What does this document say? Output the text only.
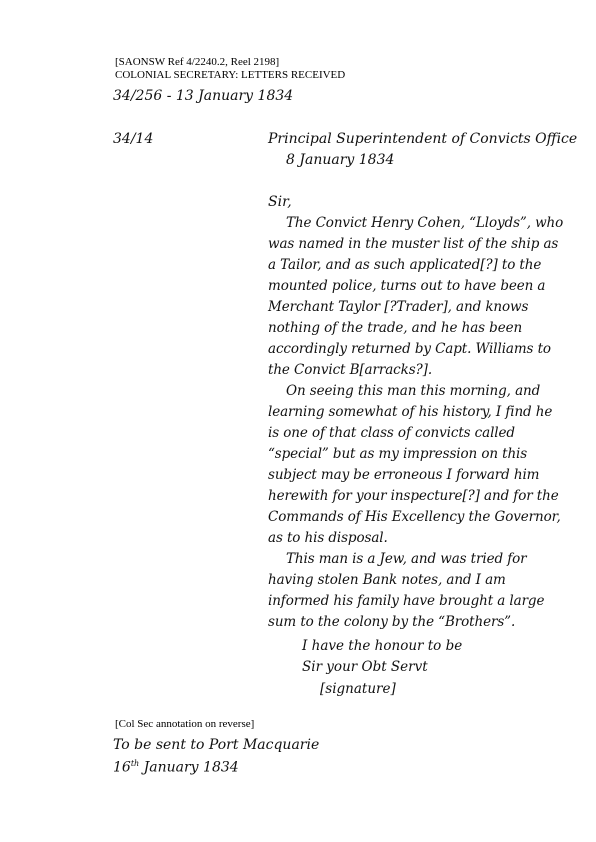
[SAONSW Ref 4/2240.2, Reel 2198]
COLONIAL SECRETARY: LETTERS RECEIVED
34/256 - 13 January 1834
34/14	Principal Superintendent of Convicts Office
8 January 1834
Sir,
The Convict Henry Cohen, “Lloyds”, who
was named in the muster list of the ship as
a Tailor, and as such applicated[?] to the
mounted police, turns out to have been a
Merchant Taylor [?Trader], and knows
nothing of the trade, and he has been
accordingly returned by Capt. Williams to
the Convict B[arracks?].
On seeing this man this morning, and
learning somewhat of his history, I find he
is one of that class of convicts called
“special” but as my impression on this
subject may be erroneous I forward him
herewith for your inspecture[?] and for the
Commands of His Excellency the Governor,
as to his disposal.
This man is a Jew, and was tried for
having stolen Bank notes, and I am
informed his family have brought a large
sum to the colony by the “Brothers”.
I have the honour to be
Sir your Obt Servt
[signature]
[Col Sec annotation on reverse]
To be sent to Port Macquarie
16th January 1834
